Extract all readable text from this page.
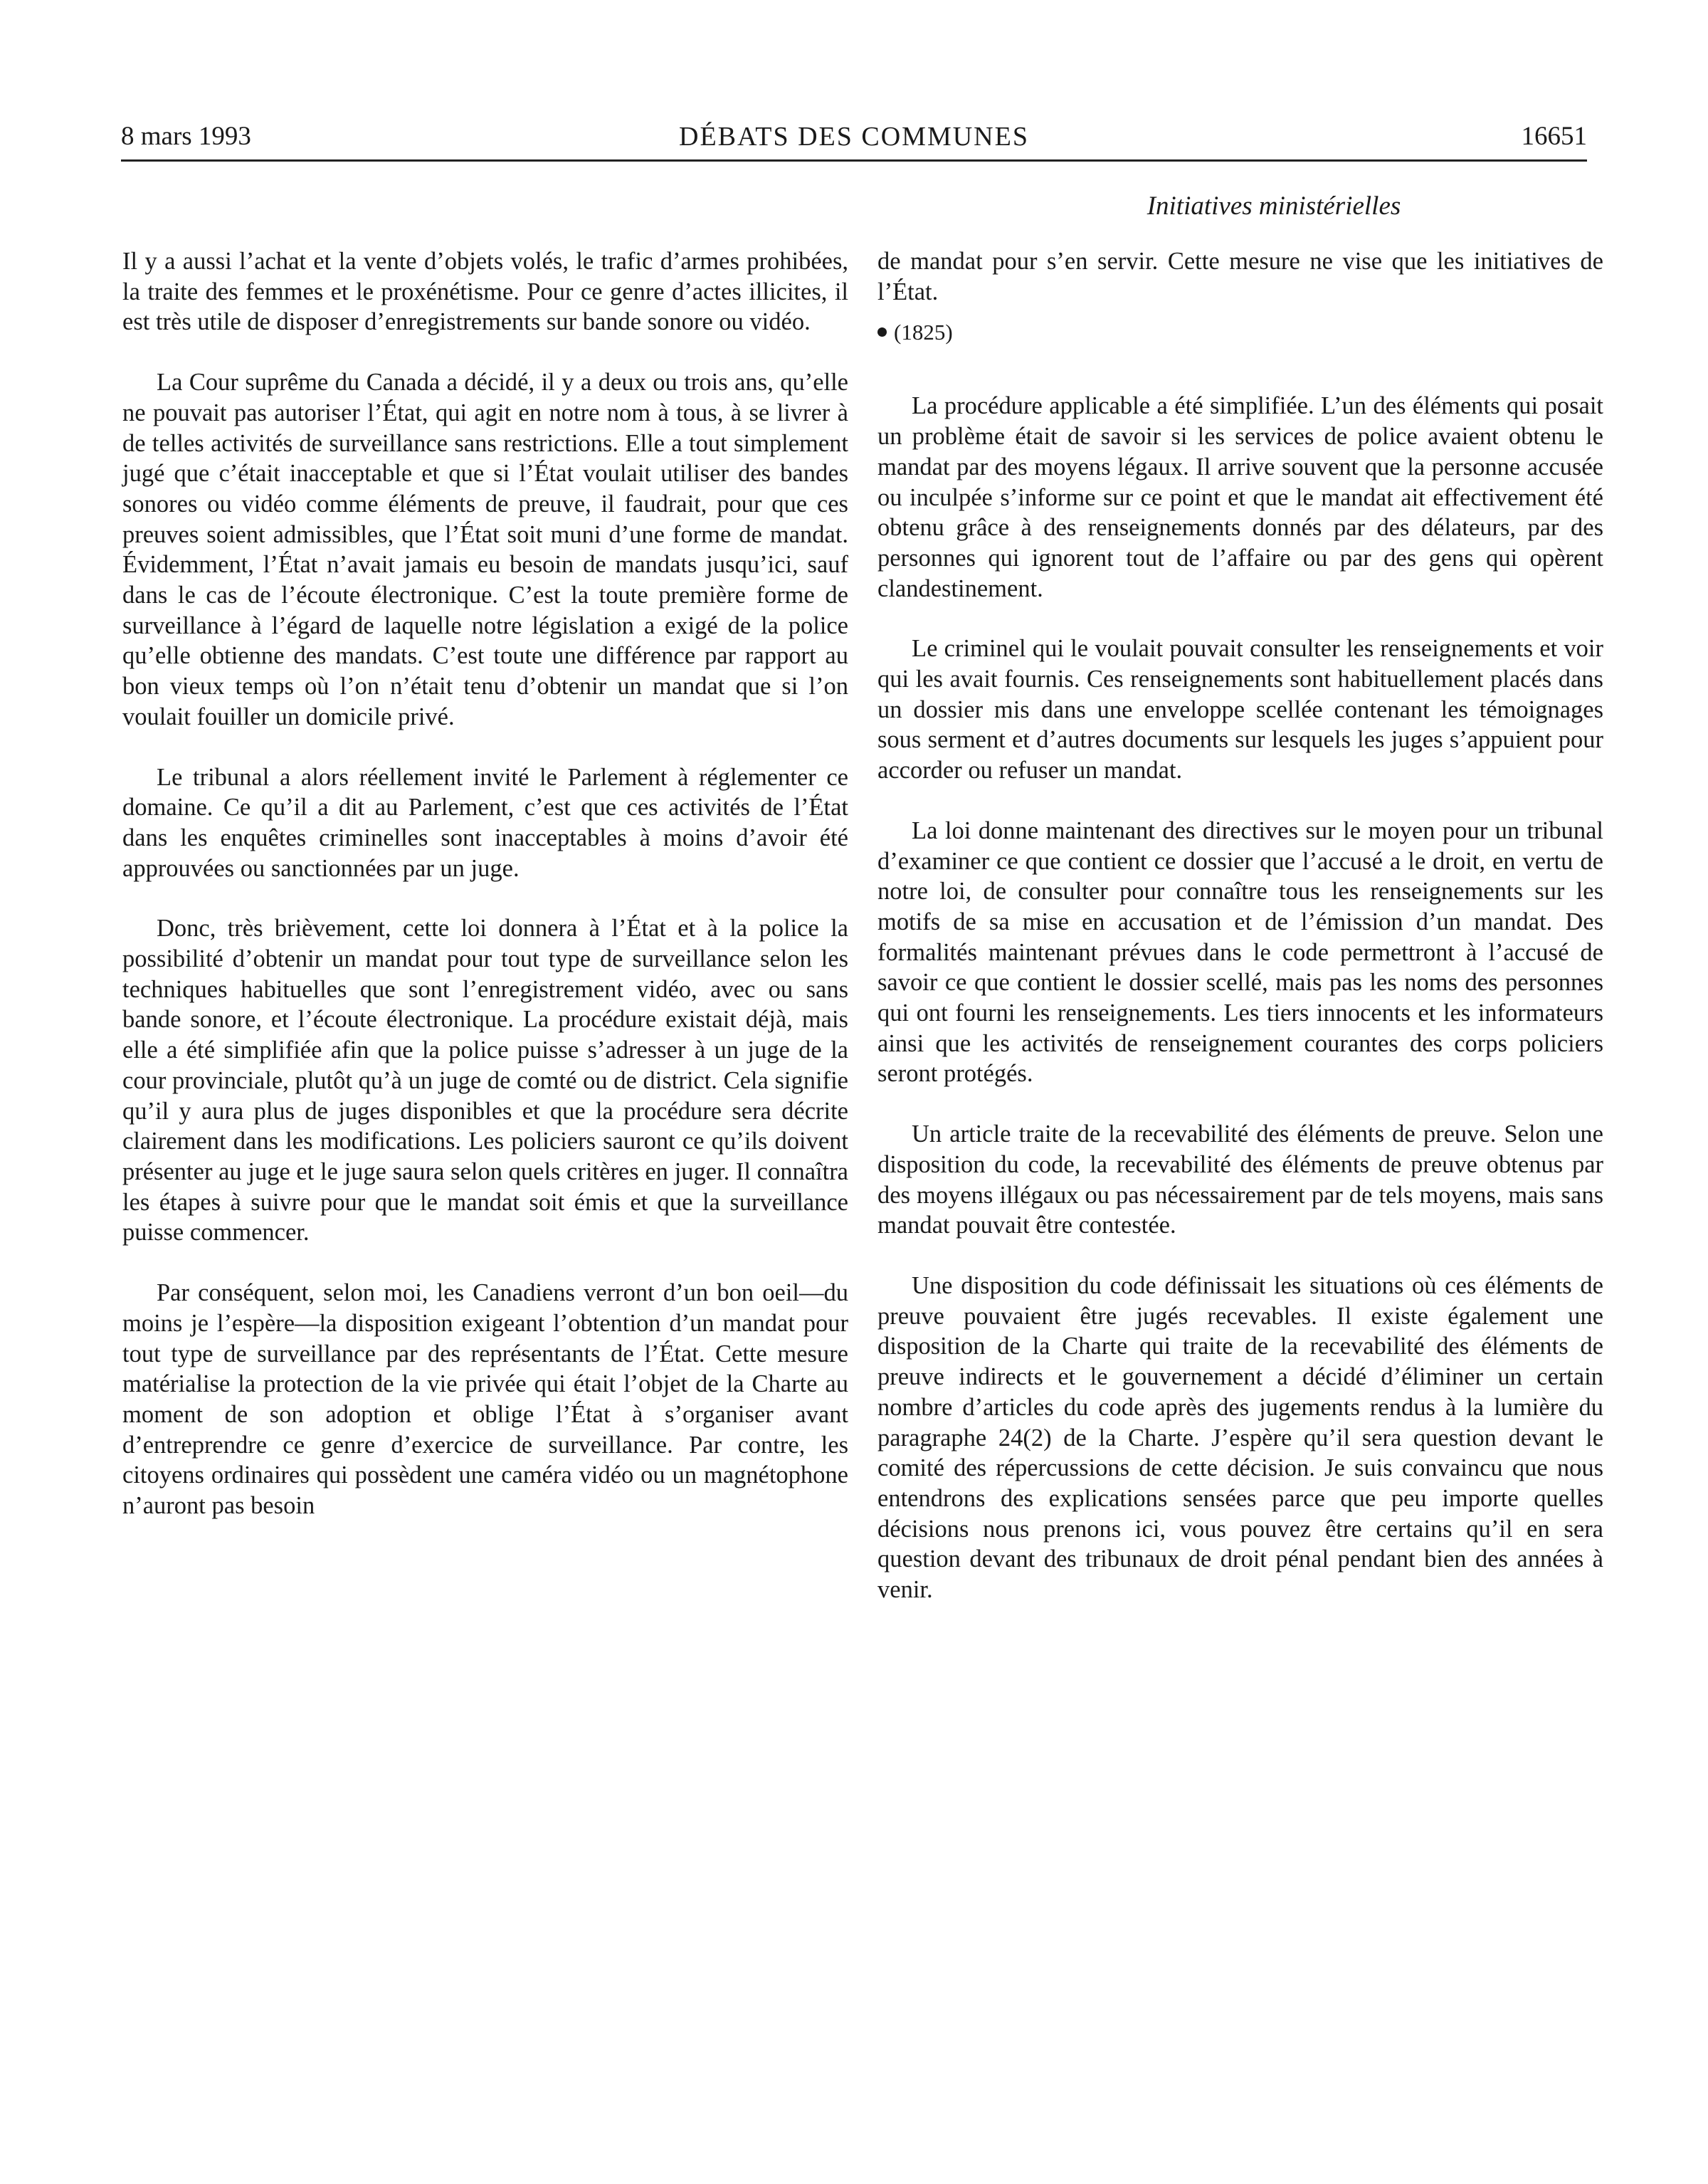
8 mars 1993	DÉBATS DES COMMUNES	16651
Initiatives ministérielles

Il y a aussi l’achat et la vente d’objets volés, le trafic d’armes prohibées, la traite des femmes et le proxénétisme. Pour ce genre d’actes illicites, il est très utile de disposer d’enregistrements sur bande sonore ou vidéo.

La Cour suprême du Canada a décidé, il y a deux ou trois ans, qu’elle ne pouvait pas autoriser l’État, qui agit en notre nom à tous, à se livrer à de telles activités de surveillance sans restrictions. Elle a tout simplement jugé que c’était inacceptable et que si l’État voulait utiliser des bandes sonores ou vidéo comme éléments de preuve, il faudrait, pour que ces preuves soient admissibles, que l’État soit muni d’une forme de mandat. Évidemment, l’État n’avait jamais eu besoin de mandats jusqu’ici, sauf dans le cas de l’écoute électronique. C’est la toute première forme de surveillance à l’égard de laquelle notre législation a exigé de la police qu’elle obtienne des mandats. C’est toute une différence par rapport au bon vieux temps où l’on n’était tenu d’obtenir un mandat que si l’on voulait fouiller un domicile privé.

Le tribunal a alors réellement invité le Parlement à réglementer ce domaine. Ce qu’il a dit au Parlement, c’est que ces activités de l’État dans les enquêtes criminelles sont inacceptables à moins d’avoir été approuvées ou sanctionnées par un juge.

Donc, très brièvement, cette loi donnera à l’État et à la police la possibilité d’obtenir un mandat pour tout type de surveillance selon les techniques habituelles que sont l’enregistrement vidéo, avec ou sans bande sonore, et l’écoute électronique. La procédure existait déjà, mais elle a été simplifiée afin que la police puisse s’adresser à un juge de la cour provinciale, plutôt qu’à un juge de comté ou de district. Cela signifie qu’il y aura plus de juges disponibles et que la procédure sera décrite clairement dans les modifications. Les policiers sauront ce qu’ils doivent présenter au juge et le juge saura selon quels critères en juger. Il connaîtra les étapes à suivre pour que le mandat soit émis et que la surveillance puisse commencer.

Par conséquent, selon moi, les Canadiens verront d’un bon oeil—du moins je l’espère—la disposition exigeant l’obtention d’un mandat pour tout type de surveillance par des représentants de l’État. Cette mesure matérialise la protection de la vie privée qui était l’objet de la Charte au moment de son adoption et oblige l’État à s’organiser avant d’entreprendre ce genre d’exercice de surveillance. Par contre, les citoyens ordinaires qui possèdent une caméra vidéo ou un magnétophone n’auront pas besoin

de mandat pour s’en servir. Cette mesure ne vise que les initiatives de l’État.

(1825)

La procédure applicable a été simplifiée. L’un des éléments qui posait un problème était de savoir si les services de police avaient obtenu le mandat par des moyens légaux. Il arrive souvent que la personne accusée ou inculpée s’informe sur ce point et que le mandat ait effectivement été obtenu grâce à des renseignements donnés par des délateurs, par des personnes qui ignorent tout de l’affaire ou par des gens qui opèrent clandestinement.

Le criminel qui le voulait pouvait consulter les renseignements et voir qui les avait fournis. Ces renseignements sont habituellement placés dans un dossier mis dans une enveloppe scellée contenant les témoignages sous serment et d’autres documents sur lesquels les juges s’appuient pour accorder ou refuser un mandat.

La loi donne maintenant des directives sur le moyen pour un tribunal d’examiner ce que contient ce dossier que l’accusé a le droit, en vertu de notre loi, de consulter pour connaître tous les renseignements sur les motifs de sa mise en accusation et de l’émission d’un mandat. Des formalités maintenant prévues dans le code permettront à l’accusé de savoir ce que contient le dossier scellé, mais pas les noms des personnes qui ont fourni les renseignements. Les tiers innocents et les informateurs ainsi que les activités de renseignement courantes des corps policiers seront protégés.

Un article traite de la recevabilité des éléments de preuve. Selon une disposition du code, la recevabilité des éléments de preuve obtenus par des moyens illégaux ou pas nécessairement par de tels moyens, mais sans mandat pouvait être contestée.

Une disposition du code définissait les situations où ces éléments de preuve pouvaient être jugés recevables. Il existe également une disposition de la Charte qui traite de la recevabilité des éléments de preuve indirects et le gouvernement a décidé d’éliminer un certain nombre d’articles du code après des jugements rendus à la lumière du paragraphe 24(2) de la Charte. J’espère qu’il sera question devant le comité des répercussions de cette décision. Je suis convaincu que nous entendrons des explications sensées parce que peu importe quelles décisions nous prenons ici, vous pouvez être certains qu’il en sera question devant des tribunaux de droit pénal pendant bien des années à venir.
